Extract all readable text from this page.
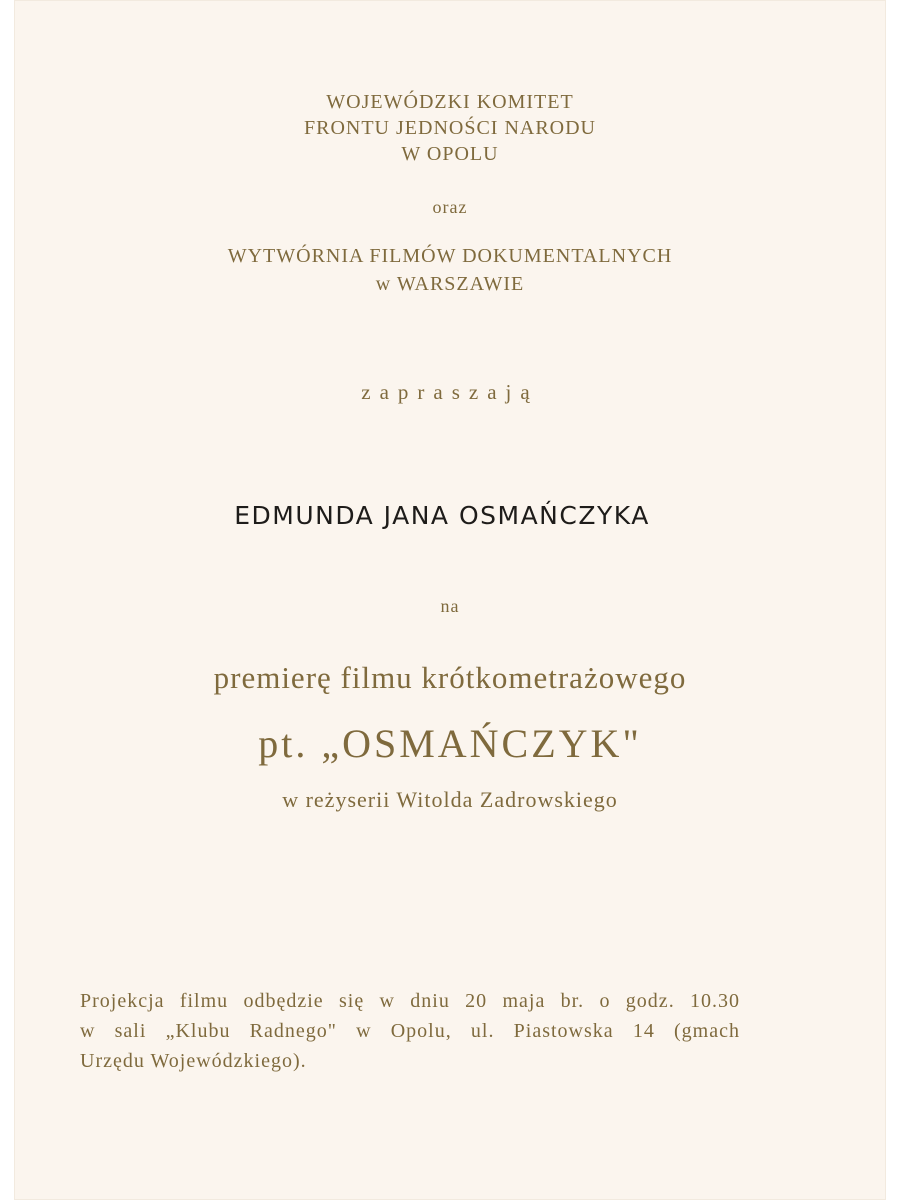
WOJEWÓDZKI KOMITET

FRONTU JEDNOŚCI NARODU

W OPOLU

oraz

WYTWÓRNIA FILMÓW DOKUMENTALNYCH

w WARSZAWIE

zapraszają

EDMUNDA JANA OSMAŃCZYKA

na

premierę filmu krótkometrażowego

pt. „OSMAŃCZYK"

w reżyserii Witolda Zadrowskiego

Projekcja filmu odbędzie się w dniu 20 maja br. o godz. 10.30

w sali „Klubu Radnego" w Opolu, ul. Piastowska 14 (gmach

Urzędu Wojewódzkiego).
